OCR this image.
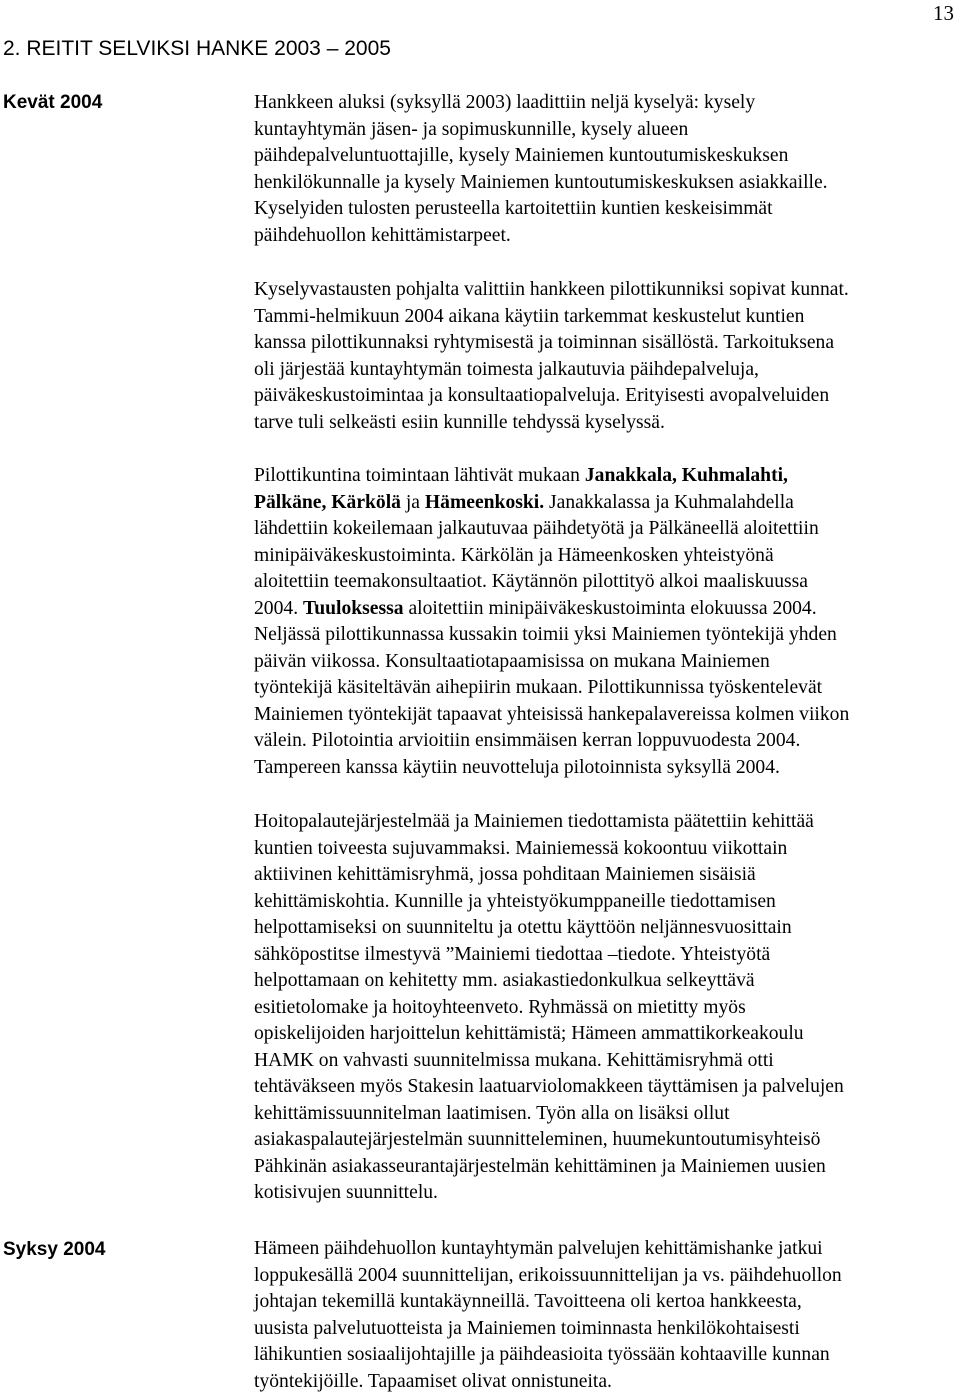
13
2. REITIT SELVIKSI HANKE 2003 – 2005
Kevät 2004
Syksy 2004

Hankkeen aluksi (syksyllä 2003) laadittiin neljä kyselyä: kysely
kuntayhtymän jäsen- ja sopimuskunnille, kysely alueen
päihdepalveluntuottajille, kysely Mainiemen kuntoutumiskeskuksen
henkilökunnalle ja kysely Mainiemen kuntoutumiskeskuksen asiakkaille.
Kyselyiden tulosten perusteella kartoitettiin kuntien keskeisimmät
päihdehuollon kehittämistarpeet.

Kyselyvastausten pohjalta valittiin hankkeen pilottikunniksi sopivat kunnat.
Tammi-helmikuun 2004 aikana käytiin tarkemmat keskustelut kuntien
kanssa pilottikunnaksi ryhtymisestä ja toiminnan sisällöstä. Tarkoituksena
oli järjestää kuntayhtymän toimesta jalkautuvia päihdepalveluja,
päiväkeskustoimintaa ja konsultaatiopalveluja. Erityisesti avopalveluiden
tarve tuli selkeästi esiin kunnille tehdyssä kyselyssä.

Pilottikuntina toimintaan lähtivät mukaan Janakkala, Kuhmalahti,
Pälkäne, Kärkölä ja Hämeenkoski. Janakkalassa ja Kuhmalahdella
lähdettiin kokeilemaan jalkautuvaa päihdetyötä ja Pälkäneellä aloitettiin
minipäiväkeskustoiminta. Kärkölän ja Hämeenkosken yhteistyönä
aloitettiin teemakonsultaatiot. Käytännön pilottityö alkoi maaliskuussa
2004. Tuuloksessa aloitettiin minipäiväkeskustoiminta elokuussa 2004.
Neljässä pilottikunnassa kussakin toimii yksi Mainiemen työntekijä yhden
päivän viikossa. Konsultaatiotapaamisissa on mukana Mainiemen
työntekijä käsiteltävän aihepiirin mukaan. Pilottikunnissa työskentelevät
Mainiemen työntekijät tapaavat yhteisissä hankepalavereissa kolmen viikon
välein. Pilotointia arvioitiin ensimmäisen kerran loppuvuodesta 2004.
Tampereen kanssa käytiin neuvotteluja pilotoinnista syksyllä 2004.

Hoitopalautejärjestelmää ja Mainiemen tiedottamista päätettiin kehittää
kuntien toiveesta sujuvammaksi. Mainiemessä kokoontuu viikottain
aktiivinen kehittämisryhmä, jossa pohditaan Mainiemen sisäisiä
kehittämiskohtia. Kunnille ja yhteistyökumppaneille tiedottamisen
helpottamiseksi on suunniteltu ja otettu käyttöön neljännesvuosittain
sähköpostitse ilmestyvä ”Mainiemi tiedottaa –tiedote. Yhteistyötä
helpottamaan on kehitetty mm. asiakastiedonkulkua selkeyttävä
esitietolomake ja hoitoyhteenveto. Ryhmässä on mietitty myös
opiskelijoiden harjoittelun kehittämistä; Hämeen ammattikorkeakoulu
HAMK on vahvasti suunnitelmissa mukana. Kehittämisryhmä otti
tehtäväkseen myös Stakesin laatuarviolomakkeen täyttämisen ja palvelujen
kehittämissuunnitelman laatimisen. Työn alla on lisäksi ollut
asiakaspalautejärjestelmän suunnitteleminen, huumekuntoutumisyhteisö
Pähkinän asiakasseurantajärjestelmän kehittäminen ja Mainiemen uusien
kotisivujen suunnittelu.

Hämeen päihdehuollon kuntayhtymän palvelujen kehittämishanke jatkui
loppukesällä 2004 suunnittelijan, erikoissuunnittelijan ja vs. päihdehuollon
johtajan tekemillä kuntakäynneillä. Tavoitteena oli kertoa hankkeesta,
uusista palvelutuotteista ja Mainiemen toiminnasta henkilökohtaisesti
lähikuntien sosiaalijohtajille ja päihdeasioita työssään kohtaaville kunnan
työntekijöille. Tapaamiset olivat onnistuneita.
